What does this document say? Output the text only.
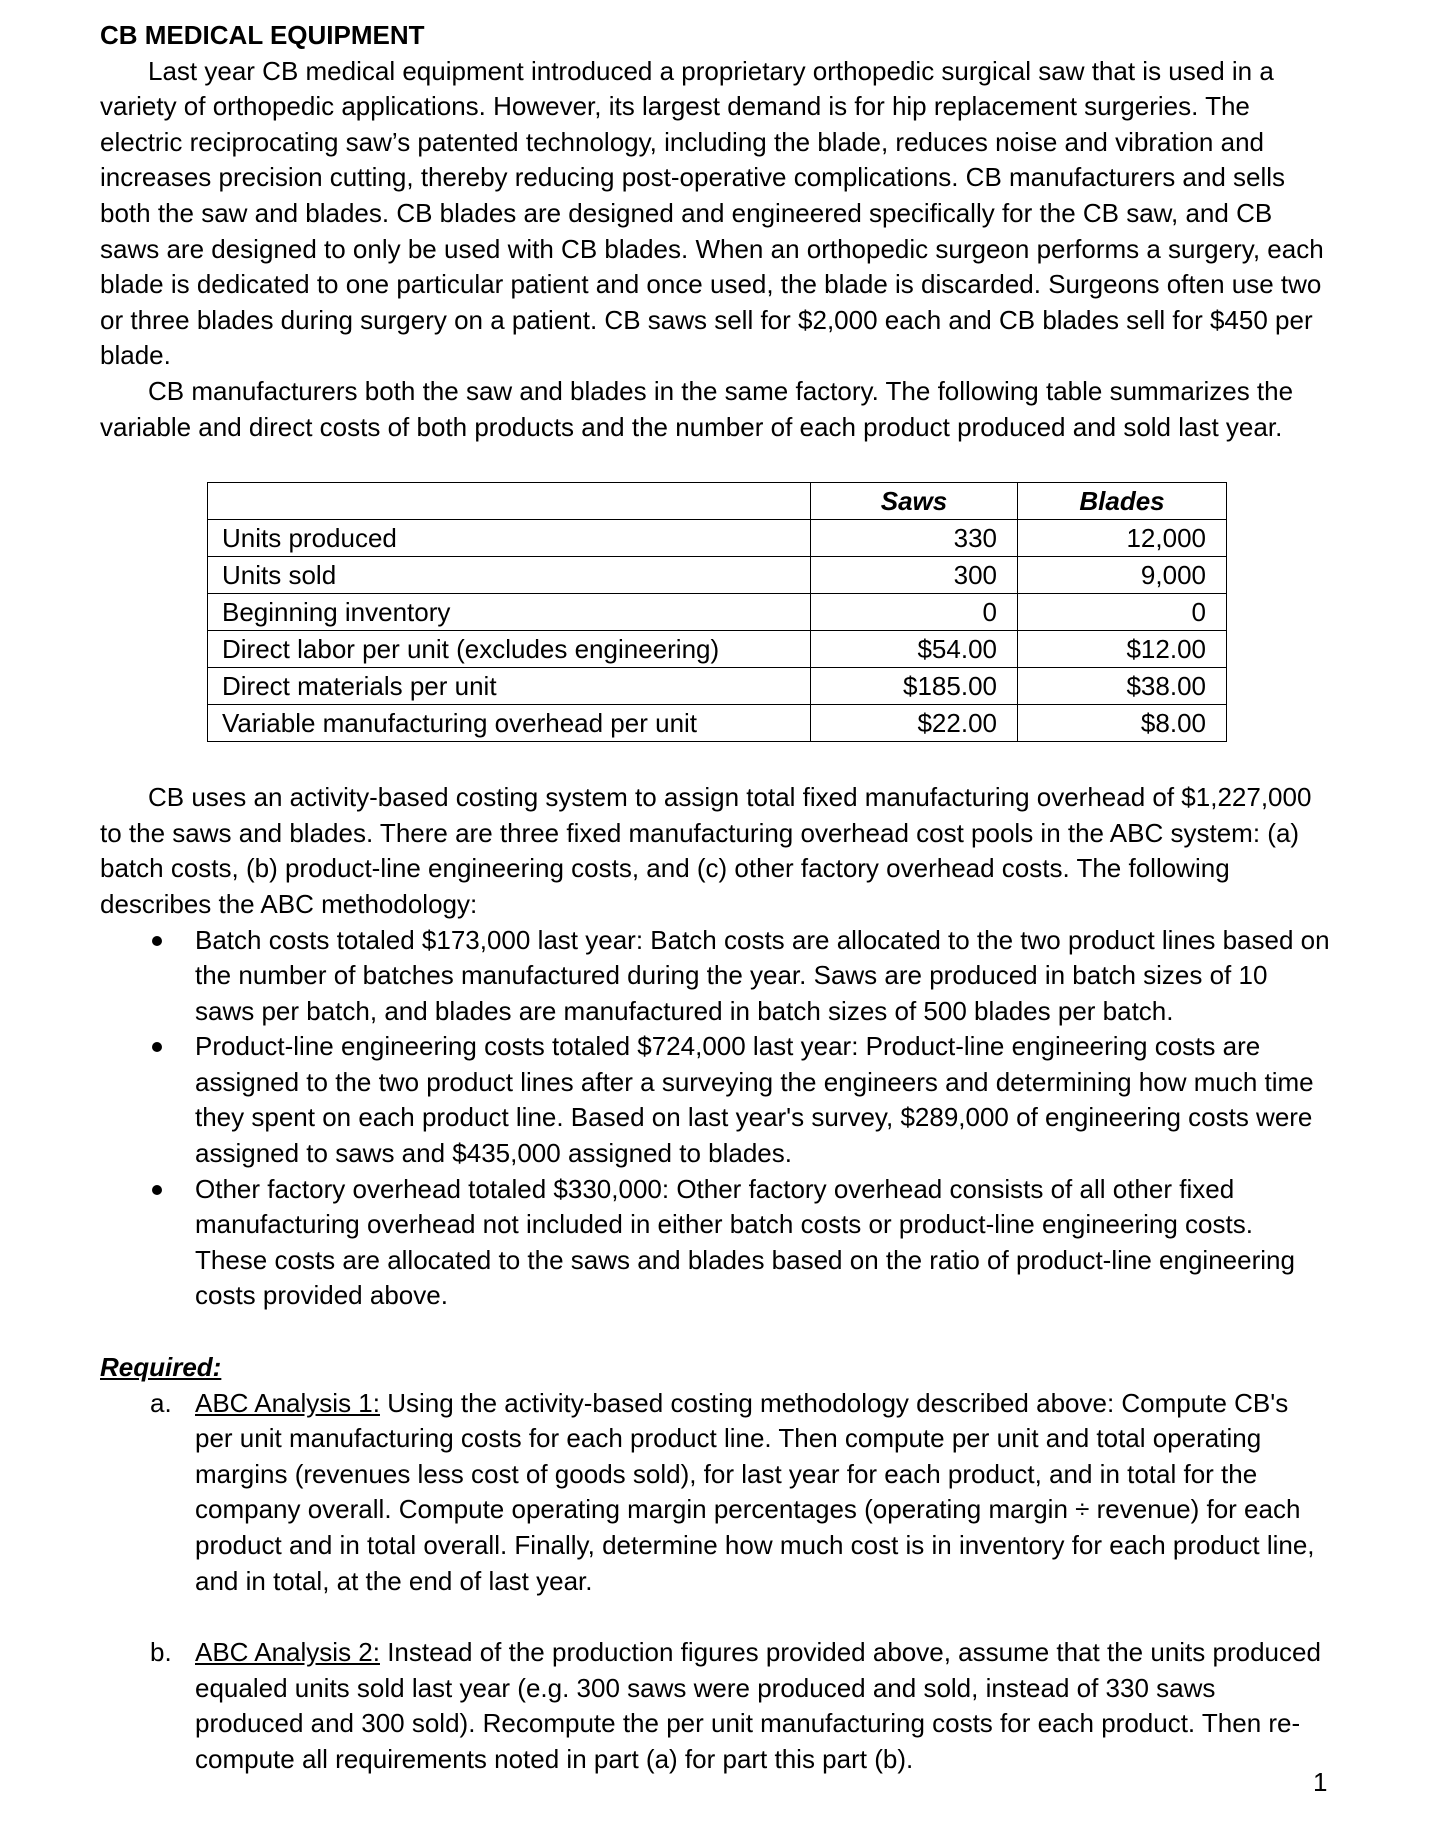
CB MEDICAL EQUIPMENT

Last year CB medical equipment introduced a proprietary orthopedic surgical saw that is used in a variety of orthopedic applications. However, its largest demand is for hip replacement surgeries. The electric reciprocating saw’s patented technology, including the blade, reduces noise and vibration and increases precision cutting, thereby reducing post-operative complications. CB manufacturers and sells both the saw and blades. CB blades are designed and engineered specifically for the CB saw, and CB saws are designed to only be used with CB blades. When an orthopedic surgeon performs a surgery, each blade is dedicated to one particular patient and once used, the blade is discarded. Surgeons often use two or three blades during surgery on a patient. CB saws sell for $2,000 each and CB blades sell for $450 per blade.

CB manufacturers both the saw and blades in the same factory. The following table summarizes the variable and direct costs of both products and the number of each product produced and sold last year.

	Saws	Blades
Units produced	330	12,000
Units sold	300	9,000
Beginning inventory	0	0
Direct labor per unit (excludes engineering)	$54.00	$12.00
Direct materials per unit	$185.00	$38.00
Variable manufacturing overhead per unit	$22.00	$8.00

CB uses an activity-based costing system to assign total fixed manufacturing overhead of $1,227,000 to the saws and blades. There are three fixed manufacturing overhead cost pools in the ABC system: (a) batch costs, (b) product-line engineering costs, and (c) other factory overhead costs. The following describes the ABC methodology:

Batch costs totaled $173,000 last year: Batch costs are allocated to the two product lines based on the number of batches manufactured during the year. Saws are produced in batch sizes of 10 saws per batch, and blades are manufactured in batch sizes of 500 blades per batch.
Product-line engineering costs totaled $724,000 last year: Product-line engineering costs are assigned to the two product lines after a surveying the engineers and determining how much time they spent on each product line. Based on last year's survey, $289,000 of engineering costs were assigned to saws and $435,000 assigned to blades.
Other factory overhead totaled $330,000: Other factory overhead consists of all other fixed manufacturing overhead not included in either batch costs or product-line engineering costs. These costs are allocated to the saws and blades based on the ratio of product-line engineering costs provided above.
Required:
a. ABC Analysis 1: Using the activity-based costing methodology described above: Compute CB's per unit manufacturing costs for each product line. Then compute per unit and total operating margins (revenues less cost of goods sold), for last year for each product, and in total for the company overall. Compute operating margin percentages (operating margin ÷ revenue) for each product and in total overall. Finally, determine how much cost is in inventory for each product line, and in total, at the end of last year.
b. ABC Analysis 2: Instead of the production figures provided above, assume that the units produced equaled units sold last year (e.g. 300 saws were produced and sold, instead of 330 saws produced and 300 sold). Recompute the per unit manufacturing costs for each product. Then re-compute all requirements noted in part (a) for part this part (b).
1
